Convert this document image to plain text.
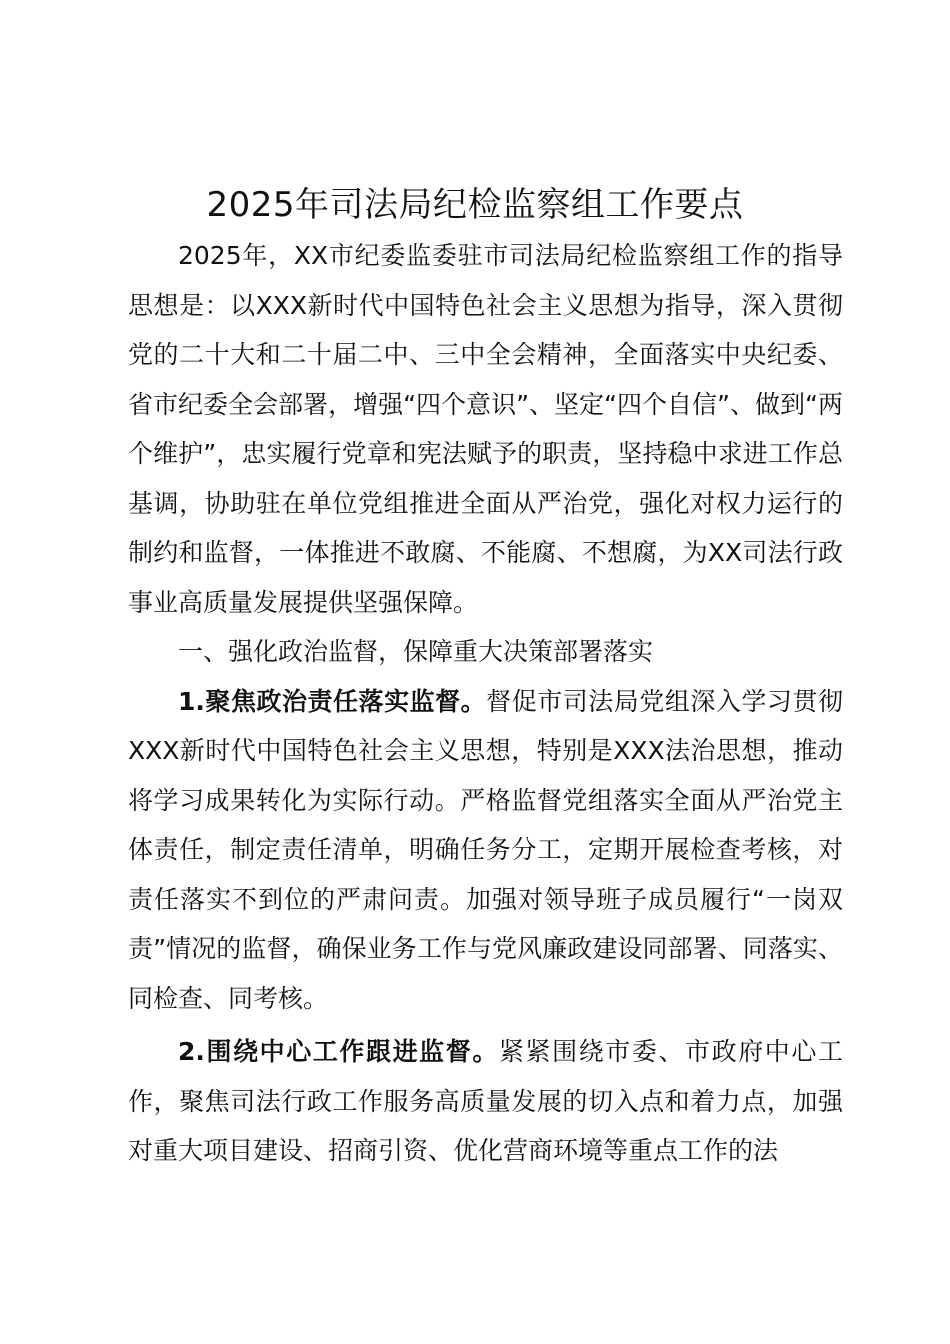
2025年司法局纪检监察组工作要点

2025年，XX市纪委监委驻市司法局纪检监察组工作的指导思想是：以XXX新时代中国特色社会主义思想为指导，深入贯彻党的二十大和二十届二中、三中全会精神，全面落实中央纪委、省市纪委全会部署，增强“四个意识”、坚定“四个自信”、做到“两个维护”，忠实履行党章和宪法赋予的职责，坚持稳中求进工作总基调，协助驻在单位党组推进全面从严治党，强化对权力运行的制约和监督，一体推进不敢腐、不能腐、不想腐，为XX司法行政事业高质量发展提供坚强保障。

一、强化政治监督，保障重大决策部署落实

1.聚焦政治责任落实监督。督促市司法局党组深入学习贯彻XXX新时代中国特色社会主义思想，特别是XXX法治思想，推动将学习成果转化为实际行动。严格监督党组落实全面从严治党主体责任，制定责任清单，明确任务分工，定期开展检查考核，对责任落实不到位的严肃问责。加强对领导班子成员履行“一岗双责”情况的监督，确保业务工作与党风廉政建设同部署、同落实、同检查、同考核。

2.围绕中心工作跟进监督。紧紧围绕市委、市政府中心工作，聚焦司法行政工作服务高质量发展的切入点和着力点，加强对重大项目建设、招商引资、优化营商环境等重点工作的法
